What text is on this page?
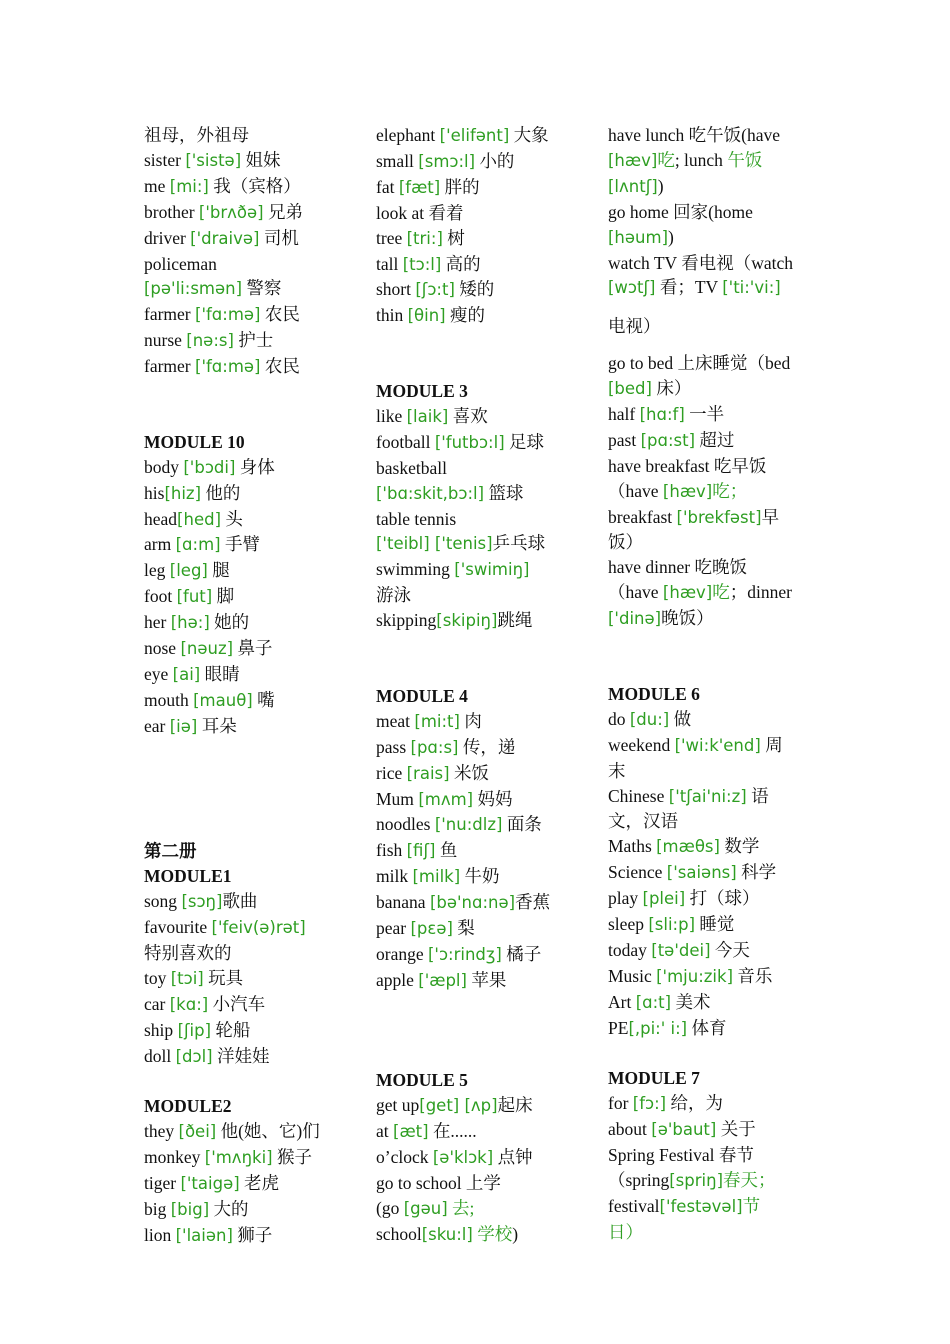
祖母，外祖母
sister ['sistə] 姐妹
me [mi:] 我（宾格）
brother ['brʌðə] 兄弟
driver ['draivə] 司机
policeman
[pə'li:smən] 警察
farmer ['fɑ:mə] 农民
nurse [nə:s] 护士
farmer ['fɑ:mə] 农民
MODULE 10
body ['bɔdi] 身体
his[hiz] 他的
head[hed] 头
arm [ɑ:m] 手臂
leg [leg] 腿
foot [fut] 脚
her [hə:] 她的
nose [nəuz] 鼻子
eye [ai] 眼睛
mouth [mauθ] 嘴
ear [iə] 耳朵
第二册
MODULE1
song [sɔŋ]歌曲
favourite ['feiv(ə)rət]
特别喜欢的
toy [tɔi] 玩具
car [kɑ:] 小汽车
ship [ʃip] 轮船
doll [dɔl] 洋娃娃
MODULE2
they [ðei] 他(她、它)们
monkey ['mʌŋki] 猴子
tiger ['taigə] 老虎
big [big] 大的
lion ['laiən] 狮子
elephant ['elifənt] 大象
small [smɔ:l] 小的
fat [fæt] 胖的
look at 看着
tree [tri:] 树
tall [tɔ:l] 高的
short [ʃɔ:t] 矮的
thin [θin] 瘦的
MODULE 3
like [laik] 喜欢
football ['futbɔ:l] 足球
basketball
['bɑ:skit,bɔ:l] 篮球
table tennis
['teibl] ['tenis]乒乓球
swimming ['swimiŋ]
游泳
skipping[skipiŋ]跳绳
MODULE 4
meat [mi:t] 肉
pass [pɑ:s] 传，递
rice [rais] 米饭
Mum [mʌm] 妈妈
noodles ['nu:dlz] 面条
fish [fiʃ] 鱼
milk [milk] 牛奶
banana [bə'nɑ:nə]香蕉
pear [pεə] 梨
orange ['ɔ:rindʒ] 橘子
apple ['æpl] 苹果
MODULE 5
get up[get] [ʌp]起床
at [æt] 在......
o’clock [ə'klɔk] 点钟
go to school 上学
(go [gəu] 去;
school[sku:l] 学校)
have lunch 吃午饭(have
[hæv]吃; lunch 午饭
[lʌntʃ])
go home 回家(home
[həum])
watch TV 看电视（watch
[wɔtʃ] 看；TV ['ti:'vi:]
电视）
go to bed 上床睡觉（bed
[bed] 床）
half [hɑ:f] 一半
past [pɑ:st] 超过
have breakfast 吃早饭
（have [hæv]吃；
breakfast ['brekfəst]早
饭）
have dinner 吃晚饭
（have [hæv]吃；dinner
['dinə]晚饭）
MODULE 6
do [du:] 做
weekend ['wi:k'end] 周
末
Chinese ['tʃai'ni:z] 语
文，汉语
Maths [mæθs] 数学
Science ['saiəns] 科学
play [plei] 打（球）
sleep [sli:p] 睡觉
today [tə'dei] 今天
Music ['mju:zik] 音乐
Art [ɑ:t] 美术
PE[,pi:' i:] 体育
MODULE 7
for [fɔ:] 给，为
about [ə'baut] 关于
Spring Festival 春节
（spring[spriŋ]春天；
festival['festəvəl]节
日）
